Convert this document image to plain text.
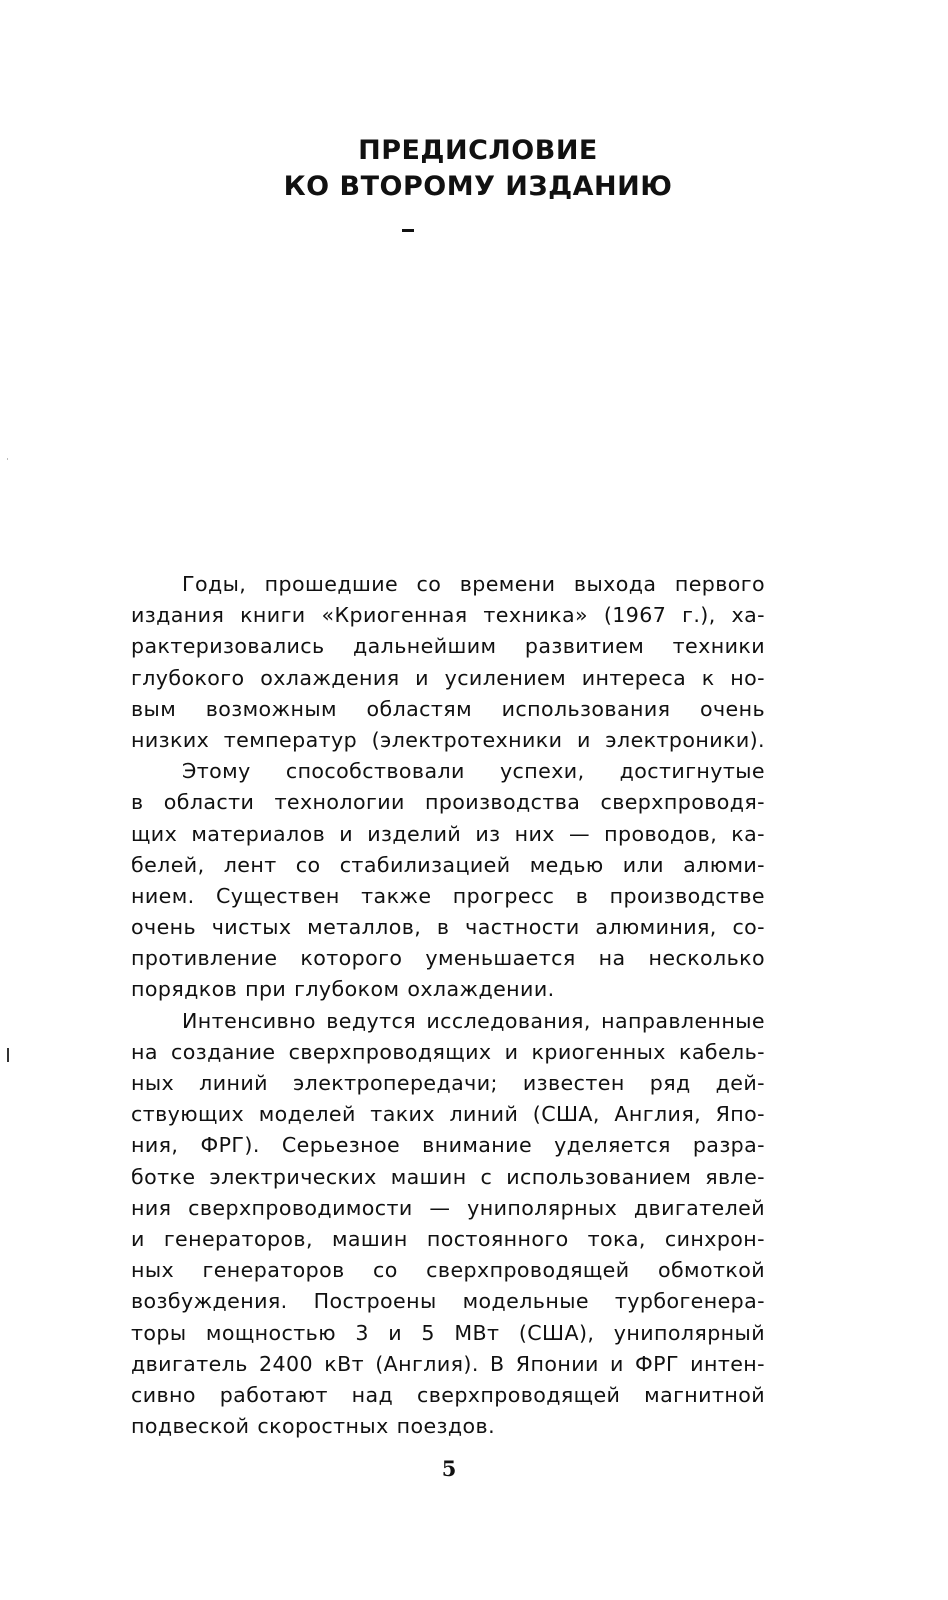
ПРЕДИСЛОВИЕ
КО ВТОРОМУ ИЗДАНИЮ
Годы, прошедшие со времени выхода первого
издания книги «Криогенная техника» (1967 г.), ха-
рактеризовались дальнейшим развитием техники
глубокого охлаждения и усилением интереса к но-
вым возможным областям использования очень
низких температур (электротехники и электроники).
Этому способствовали успехи, достигнутые
в области технологии производства сверхпроводя-
щих материалов и изделий из них — проводов, ка-
белей, лент со стабилизацией медью или алюми-
нием. Существен также прогресс в производстве
очень чистых металлов, в частности алюминия, со-
противление которого уменьшается на несколько
порядков при глубоком охлаждении.
Интенсивно ведутся исследования, направленные
на создание сверхпроводящих и криогенных кабель-
ных линий электропередачи; известен ряд дей-
ствующих моделей таких линий (США, Англия, Япо-
ния, ФРГ). Серьезное внимание уделяется разра-
ботке электрических машин с использованием явле-
ния сверхпроводимости — униполярных двигателей
и генераторов, машин постоянного тока, синхрон-
ных генераторов со сверхпроводящей обмоткой
возбуждения. Построены модельные турбогенера-
торы мощностью 3 и 5 МВт (США), униполярный
двигатель 2400 кВт (Англия). В Японии и ФРГ интен-
сивно работают над сверхпроводящей магнитной
подвеской скоростных поездов.
5
